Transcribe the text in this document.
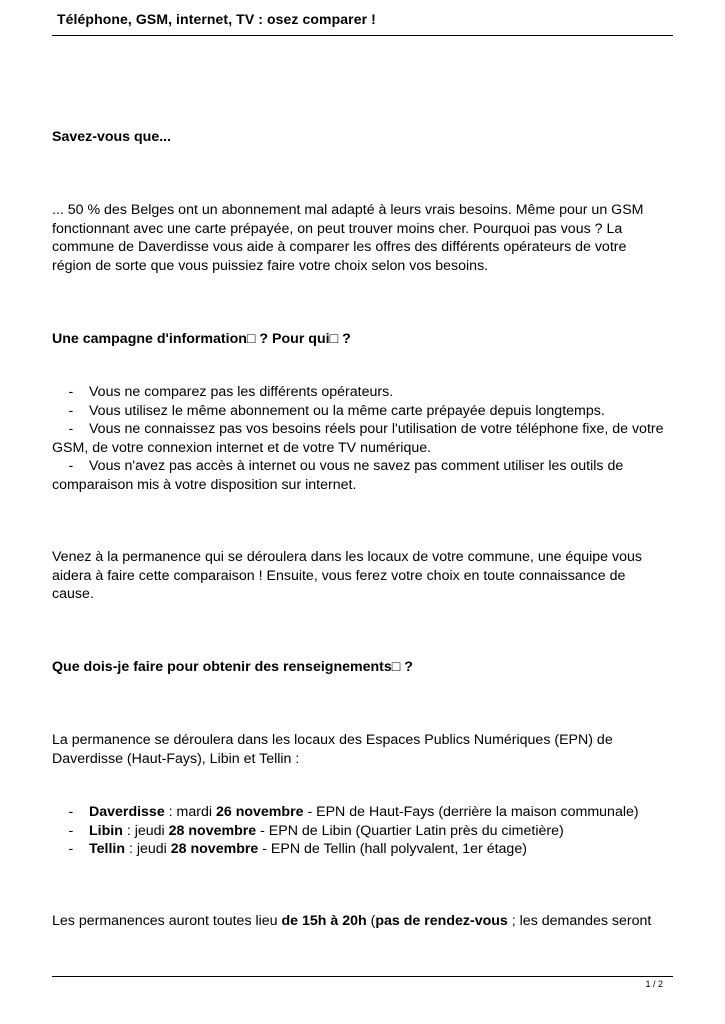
Téléphone, GSM, internet, TV : osez comparer !
Savez-vous que...
... 50 % des Belges ont un abonnement mal adapté à leurs vrais besoins. Même pour un GSM fonctionnant avec une carte prépayée, on peut trouver moins cher. Pourquoi pas vous ? La commune de Daverdisse vous aide à comparer les offres des différents opérateurs de votre région de sorte que vous puissiez faire votre choix selon vos besoins.
Une campagne d'information□ ? Pour qui□ ?
-    Vous ne comparez pas les différents opérateurs.
-    Vous utilisez le même abonnement ou la même carte prépayée depuis longtemps.
-    Vous ne connaissez pas vos besoins réels pour l'utilisation de votre téléphone fixe, de votre GSM, de votre connexion internet et de votre TV numérique.
-    Vous n'avez pas accès à internet ou vous ne savez pas comment utiliser les outils de comparaison mis à votre disposition sur internet.
Venez à la permanence qui se déroulera dans les locaux de votre commune, une équipe vous aidera à faire cette comparaison ! Ensuite, vous ferez votre choix en toute connaissance de cause.
Que dois-je faire pour obtenir des renseignements□ ?
La permanence se déroulera dans les locaux des Espaces Publics Numériques (EPN) de Daverdisse (Haut-Fays), Libin et Tellin :
-    Daverdisse : mardi 26 novembre - EPN de Haut-Fays (derrière la maison communale)
-    Libin : jeudi 28 novembre - EPN de Libin (Quartier Latin près du cimetière)
-    Tellin : jeudi 28 novembre - EPN de Tellin (hall polyvalent, 1er étage)
Les permanences auront toutes lieu de 15h à 20h (pas de rendez-vous ; les demandes seront
1 / 2
